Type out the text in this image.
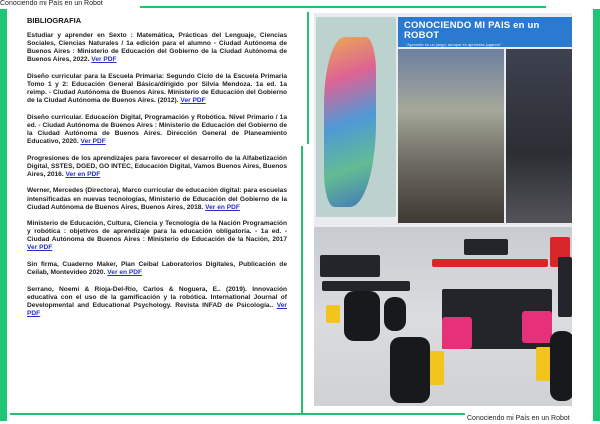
Conociendo mi País en un Robot
Conociendo mi País en un Robot
BIBLIOGRAFIA

Estudiar y aprender en Sexto : Matemática, Prácticas del Lenguaje, Ciencias Sociales, Ciencias Naturales / 1a edición para el alumno - Ciudad Autónoma de Buenos Aires : Ministerio de Educación del Gobierno de la Ciudad Autónoma de Buenos Aires, 2022. Ver PDF

Diseño curricular para la Escuela Primaria: Segundo Ciclo de la Escuela Primaria Tomo 1 y 2: Educación General Básica/dirigido por Silvia Mendoza. 1a ed. 1a reimp. - Ciudad Autónoma de Buenos Aires. Ministerio de Educación del Gobierno de la Ciudad Autónoma de Buenos Aires. (2012). Ver PDF

Diseño curricular. Educación Digital, Programación y Robótica. Nivel Primario / 1a ed. - Ciudad Autónoma de Buenos Aires : Ministerio de Educación del Gobierno de la Ciudad Autónoma de Buenos Aires. Dirección General de Planeamiento Educativo, 2020. Ver PDF

Progresiones de los aprendizajes para favorecer el desarrollo de la Alfabetización Digital, SSTES, DGED, GO INTEC, Educación Digital, Vamos Buenos Aires, Buenos Aires, 2016. Ver en PDF

Werner, Mercedes (Directora), Marco curricular de educación digital: para escuelas intensificadas en nuevas tecnologías, Ministerio de Educación del Gobierno de la Ciudad Autónoma de Buenos Aires, Buenos Aires, 2018. Ver en PDF

Ministerio de Educación, Cultura, Ciencia y Tecnología de la Nación Programación y robótica : objetivos de aprendizaje para la educación obligatoria. - 1a ed. - Ciudad Autónoma de Buenos Aires : Ministerio de Educación de la Nación, 2017 Ver PDF

Sin firma, Cuaderno Maker, Plan Ceibal Laboratorios Digitales, Publicación de Ceilab, Montevideo 2020. Ver en PDF

Serrano, Noemí & Rioja-Del-Río, Carlos & Noguera, E.. (2019). Innovación educativa con el uso de la gamificación y la robótica. International Journal of Developmental and Educational Psychology. Revista INFAD de Psicología.. Ver PDF

CONOCIENDO MI PAIS en un ROBOT
"Aprender es un juego, aunque en aprendas jugando"
